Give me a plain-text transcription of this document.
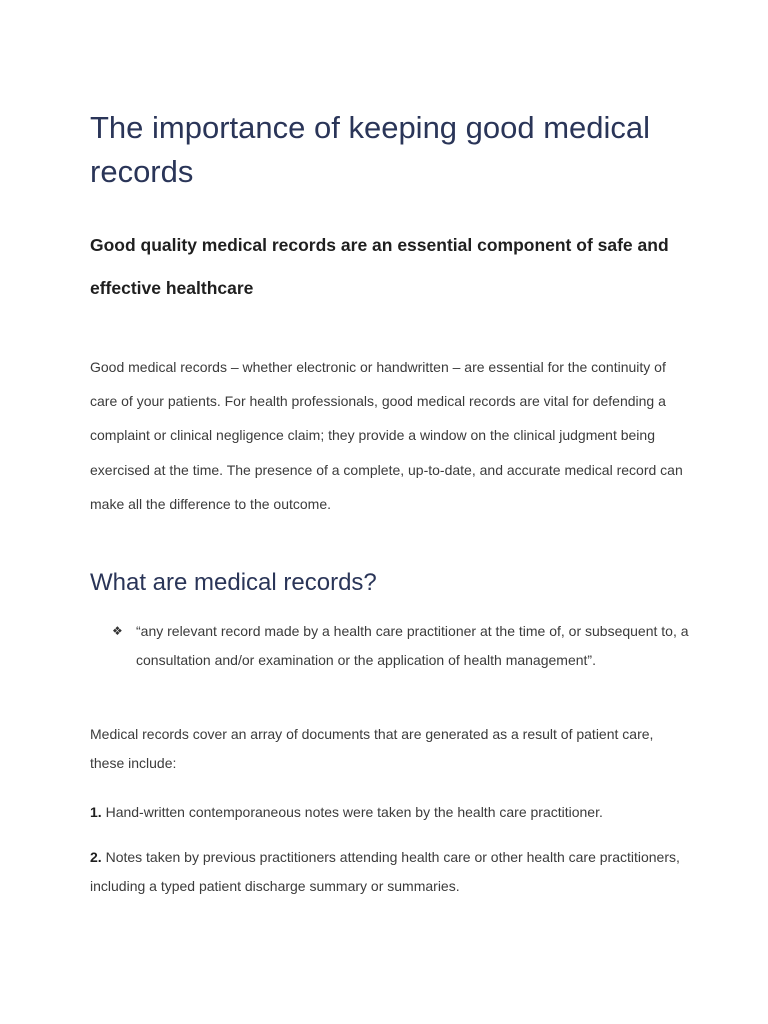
The importance of keeping good medical records
Good quality medical records are an essential component of safe and effective healthcare

Good medical records – whether electronic or handwritten – are essential for the continuity of care of your patients. For health professionals, good medical records are vital for defending a complaint or clinical negligence claim; they provide a window on the clinical judgment being exercised at the time. The presence of a complete, up-to-date, and accurate medical record can make all the difference to the outcome.

What are medical records?
❖ “any relevant record made by a health care practitioner at the time of, or subsequent to, a consultation and/or examination or the application of health management”.

Medical records cover an array of documents that are generated as a result of patient care, these include:

1. Hand-written contemporaneous notes were taken by the health care practitioner.

2. Notes taken by previous practitioners attending health care or other health care practitioners, including a typed patient discharge summary or summaries.
